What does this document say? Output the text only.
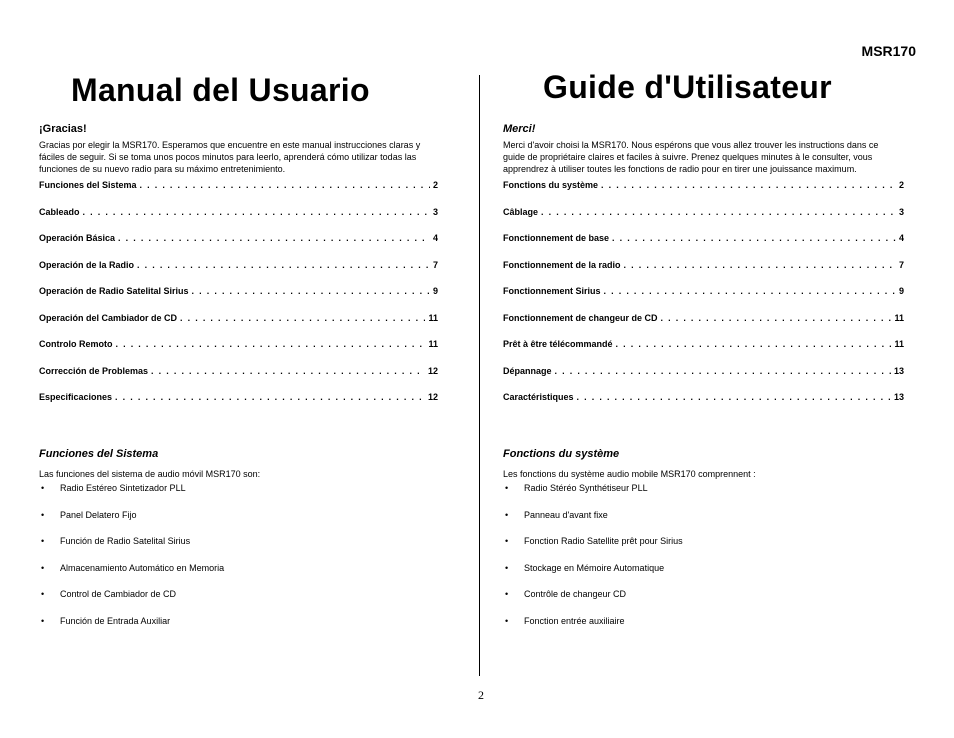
MSR170
Manual del Usuario
¡Gracias!
Gracias por elegir la MSR170. Esperamos que encuentre en este manual instrucciones claras y
fáciles de seguir. Si se toma unos pocos minutos para leerlo, aprenderá cómo utilizar todas las
funciones de su nuevo radio para su máximo entretenimiento.
Funciones del Sistema . . .	2
Cableado . . .	3
Operación Básica . . .	4
Operación de la Radio . . .	7
Operación de Radio Satelital Sirius . . .	9
Operación del Cambiador de CD . . .	11
Controlo Remoto . . .	11
Corrección de Problemas . . .	12
Especificaciones . . .	12
Funciones del Sistema
Las funciones del sistema de audio móvil MSR170 son:
• Radio Estéreo Sintetizador PLL
• Panel Delatero Fijo
• Función de Radio Satelital Sirius
• Almacenamiento Automático en Memoria
• Control de Cambiador de CD
• Función de Entrada Auxiliar
Guide d'Utilisateur
Merci!
Merci d'avoir choisi la MSR170. Nous espérons que vous allez trouver les instructions dans ce
guide de propriétaire claires et faciles à suivre. Prenez quelques minutes à le consulter, vous
apprendrez à utiliser toutes les fonctions de radio pour en tirer une jouissance maximum.
Fonctions du système . . .	2
Câblage . . .	3
Fonctionnement de base . . .	4
Fonctionnement de la radio . . .	7
Fonctionnement Sirius . . .	9
Fonctionnement de changeur de CD . . .	11
Prêt à être télécommandé . . .	11
Dépannage . . .	13
Caractéristiques . . .	13
Fonctions du système
Les fonctions du système audio mobile MSR170 comprennent :
• Radio Stéréo Synthétiseur PLL
• Panneau d'avant fixe
• Fonction Radio Satellite prêt pour Sirius
• Stockage en Mémoire Automatique
• Contrôle de changeur CD
• Fonction entrée auxiliaire
2
